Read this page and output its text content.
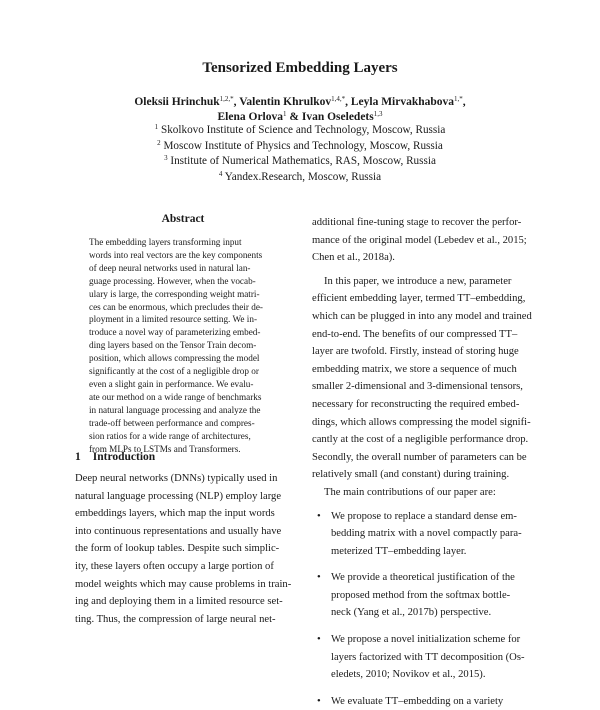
Tensorized Embedding Layers
Oleksii Hrinchuk$^{1,2,*}$, Valentin Khrulkov$^{1,4,*}$, Leyla Mirvakhabova$^{1,*}$,
Elena Orlova$^1$ & Ivan Oseledets$^{1,3}$
$^1$ Skolkovo Institute of Science and Technology, Moscow, Russia
$^2$ Moscow Institute of Physics and Technology, Moscow, Russia
$^3$ Institute of Numerical Mathematics, RAS, Moscow, Russia
$^4$ Yandex.Research, Moscow, Russia
Abstract
The embedding layers transforming input
words into real vectors are the key components
of deep neural networks used in natural lan-
guage processing. However, when the vocab-
ulary is large, the corresponding weight matri-
ces can be enormous, which precludes their de-
ployment in a limited resource setting. We in-
troduce a novel way of parameterizing embed-
ding layers based on the Tensor Train decom-
position, which allows compressing the model
significantly at the cost of a negligible drop or
even a slight gain in performance. We evalu-
ate our method on a wide range of benchmarks
in natural language processing and analyze the
trade-off between performance and compres-
sion ratios for a wide range of architectures,
from MLPs to LSTMs and Transformers.
1 Introduction
Deep neural networks (DNNs) typically used in
natural language processing (NLP) employ large
embeddings layers, which map the input words
into continuous representations and usually have
the form of lookup tables. Despite such simplic-
ity, these layers often occupy a large portion of
model weights which may cause problems in train-
ing and deploying them in a limited resource set-
ting. Thus, the compression of large neural net-
additional fine-tuning stage to recover the perfor-
mance of the original model (Lebedev et al., 2015;
Chen et al., 2018a).
In this paper, we introduce a new, parameter
efficient embedding layer, termed TT–embedding,
which can be plugged in into any model and trained
end-to-end. The benefits of our compressed TT–
layer are twofold. Firstly, instead of storing huge
embedding matrix, we store a sequence of much
smaller 2-dimensional and 3-dimensional tensors,
necessary for reconstructing the required embed-
dings, which allows compressing the model signifi-
cantly at the cost of a negligible performance drop.
Secondly, the overall number of parameters can be
relatively small (and constant) during training.
The main contributions of our paper are:
• We propose to replace a standard dense em-
bedding matrix with a novel compactly para-
meterized TT–embedding layer.
• We provide a theoretical justification of the
proposed method from the softmax bottle-
neck (Yang et al., 2017b) perspective.
• We propose a novel initialization scheme for
layers factorized with TT decomposition (Os-
eledets, 2010; Novikov et al., 2015).
• We evaluate TT–embedding on a variety
